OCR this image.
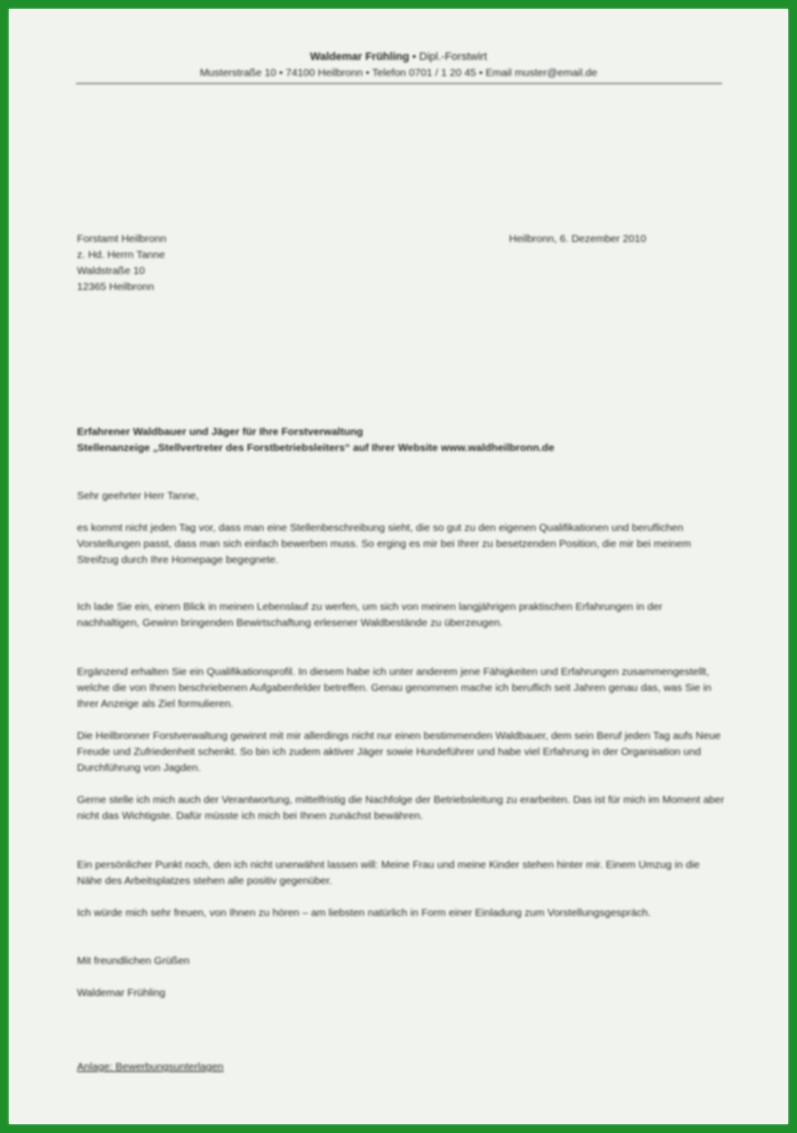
Waldemar Frühling • Dipl.-Forstwirt
Musterstraße 10 • 74100 Heilbronn • Telefon 0701 / 1 20 45 • Email muster@email.de
Forstamt Heilbronn
z. Hd. Herrn Tanne
Waldstraße 10
12365 Heilbronn
Heilbronn, 6. Dezember 2010
Erfahrener Waldbauer und Jäger für Ihre Forstverwaltung
Stellenanzeige „Stellvertreter des Forstbetriebsleiters“ auf Ihrer Website www.waldheilbronn.de
Sehr geehrter Herr Tanne,
es kommt nicht jeden Tag vor, dass man eine Stellenbeschreibung sieht, die so gut zu den eigenen Qualifikationen und beruflichen Vorstellungen passt, dass man sich einfach bewerben muss. So erging es mir bei Ihrer zu besetzenden Position, die mir bei meinem Streifzug durch Ihre Homepage begegnete.
Ich lade Sie ein, einen Blick in meinen Lebenslauf zu werfen, um sich von meinen langjährigen praktischen Erfahrungen in der nachhaltigen, Gewinn bringenden Bewirtschaftung erlesener Waldbestände zu überzeugen.
Ergänzend erhalten Sie ein Qualifikationsprofil. In diesem habe ich unter anderem jene Fähigkeiten und Erfahrungen zusammengestellt, welche die von Ihnen beschriebenen Aufgabenfelder betreffen. Genau genommen mache ich beruflich seit Jahren genau das, was Sie in Ihrer Anzeige als Ziel formulieren.
Die Heilbronner Forstverwaltung gewinnt mit mir allerdings nicht nur einen bestimmenden Waldbauer, dem sein Beruf jeden Tag aufs Neue Freude und Zufriedenheit schenkt. So bin ich zudem aktiver Jäger sowie Hundeführer und habe viel Erfahrung in der Organisation und Durchführung von Jagden.
Gerne stelle ich mich auch der Verantwortung, mittelfristig die Nachfolge der Betriebsleitung zu erarbeiten. Das ist für mich im Moment aber nicht das Wichtigste. Dafür müsste ich mich bei Ihnen zunächst bewähren.
Ein persönlicher Punkt noch, den ich nicht unerwähnt lassen will: Meine Frau und meine Kinder stehen hinter mir. Einem Umzug in die Nähe des Arbeitsplatzes stehen alle positiv gegenüber.
Ich würde mich sehr freuen, von Ihnen zu hören – am liebsten natürlich in Form einer Einladung zum Vorstellungsgespräch.
Mit freundlichen Grüßen
Waldemar Frühling
Anlage: Bewerbungsunterlagen
